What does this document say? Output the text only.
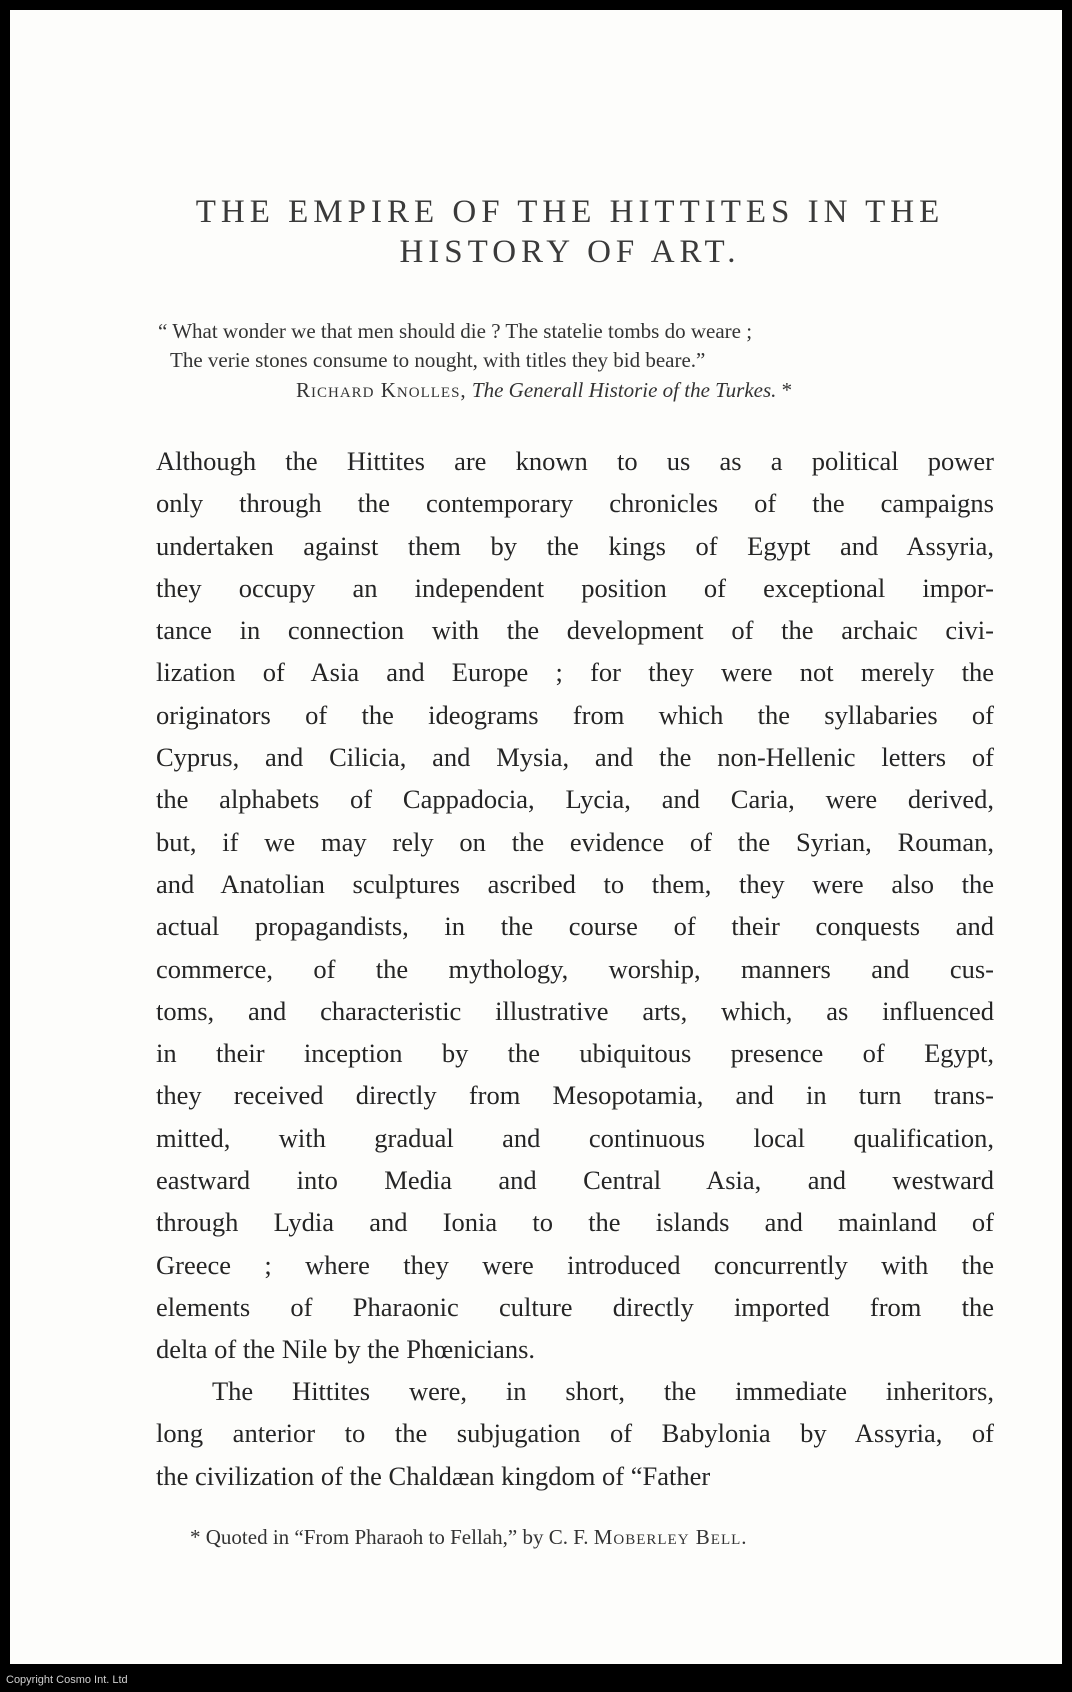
THE EMPIRE OF THE HITTITES IN THE
HISTORY OF ART.
“ What wonder we that men should die ? The statelie tombs do weare ;
The verie stones consume to nought, with titles they bid beare.”
Richard Knolles, The Generall Historie of the Turkes. *
Although the Hittites are known to us as a political power
only through the contemporary chronicles of the campaigns
undertaken against them by the kings of Egypt and Assyria,
they occupy an independent position of exceptional impor-
tance in connection with the development of the archaic civi-
lization of Asia and Europe ; for they were not merely the
originators of the ideograms from which the syllabaries of
Cyprus, and Cilicia, and Mysia, and the non-Hellenic letters of
the alphabets of Cappadocia, Lycia, and Caria, were derived,
but, if we may rely on the evidence of the Syrian, Rouman,
and Anatolian sculptures ascribed to them, they were also the
actual propagandists, in the course of their conquests and
commerce, of the mythology, worship, manners and cus-
toms, and characteristic illustrative arts, which, as influenced
in their inception by the ubiquitous presence of Egypt,
they received directly from Mesopotamia, and in turn trans-
mitted, with gradual and continuous local qualification,
eastward into Media and Central Asia, and westward
through Lydia and Ionia to the islands and mainland of
Greece ; where they were introduced concurrently with the
elements of Pharaonic culture directly imported from the
delta of the Nile by the Phœnicians.
The Hittites were, in short, the immediate inheritors,
long anterior to the subjugation of Babylonia by Assyria, of
the civilization of the Chaldæan kingdom of “Father
* Quoted in “From Pharaoh to Fellah,” by C. F. Moberley Bell.
Copyright Cosmo Int. Ltd
